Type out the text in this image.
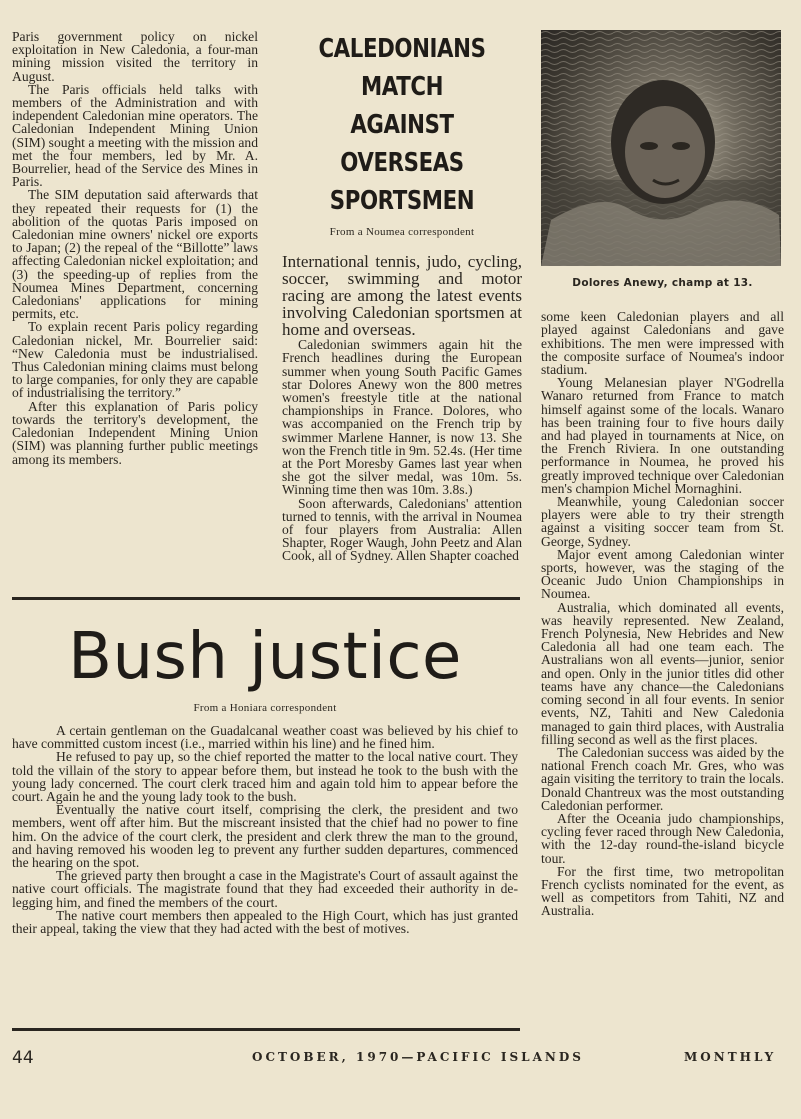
Paris government policy on nickel exploitation in New Caledonia, a four-man mining mission visited the territory in August.

The Paris officials held talks with members of the Administration and with independent Caledonian mine operators. The Caledonian Independent Mining Union (SIM) sought a meeting with the mission and met the four members, led by Mr. A. Bourrelier, head of the Service des Mines in Paris.

The SIM deputation said afterwards that they repeated their requests for (1) the abolition of the quotas Paris imposed on Caledonian mine owners' nickel ore exports to Japan; (2) the repeal of the “Billotte” laws affecting Caledonian nickel exploitation; and (3) the speeding-up of replies from the Noumea Mines Department, concerning Caledonians' applications for mining permits, etc.

To explain recent Paris policy regarding Caledonian nickel, Mr. Bourrelier said: “New Caledonia must be industrialised. Thus Caledonian mining claims must belong to large companies, for only they are capable of industrialising the territory.”

After this explanation of Paris policy towards the territory's development, the Caledonian Independent Mining Union (SIM) was planning further public meetings among its members.

CALEDONIANS MATCH
AGAINST OVERSEAS
SPORTSMEN
From a Noumea correspondent

International tennis, judo, cycling, soccer, swimming and motor racing are among the latest events involving Caledonian sportsmen at home and overseas.

Caledonian swimmers again hit the French headlines during the European summer when young South Pacific Games star Dolores Anewy won the 800 metres women's freestyle title at the national championships in France. Dolores, who was accompanied on the French trip by swimmer Marlene Hanner, is now 13. She won the French title in 9m. 52.4s. (Her time at the Port Moresby Games last year when she got the silver medal, was 10m. 5s. Winning time then was 10m. 3.8s.)

Soon afterwards, Caledonians' attention turned to tennis, with the arrival in Noumea of four players from Australia: Allen Shapter, Roger Waugh, John Peetz and Alan Cook, all of Sydney. Allen Shapter coached

Dolores Anewy, champ at 13.

some keen Caledonian players and all played against Caledonians and gave exhibitions. The men were impressed with the composite surface of Noumea's indoor stadium.

Young Melanesian player N'Godrella Wanaro returned from France to match himself against some of the locals. Wanaro has been training four to five hours daily and had played in tournaments at Nice, on the French Riviera. In one outstanding performance in Noumea, he proved his greatly improved technique over Caledonian men's champion Michel Mornaghini.

Meanwhile, young Caledonian soccer players were able to try their strength against a visiting soccer team from St. George, Sydney.

Major event among Caledonian winter sports, however, was the staging of the Oceanic Judo Union Championships in Noumea.

Australia, which dominated all events, was heavily represented. New Zealand, French Polynesia, New Hebrides and New Caledonia all had one team each. The Australians won all events—junior, senior and open. Only in the junior titles did other teams have any chance—the Caledonians coming second in all four events. In senior events, NZ, Tahiti and New Caledonia managed to gain third places, with Australia filling second as well as the first places.

The Caledonian success was aided by the national French coach Mr. Gres, who was again visiting the territory to train the locals. Donald Chantreux was the most outstanding Caledonian performer.

After the Oceania judo championships, cycling fever raced through New Caledonia, with the 12-day round-the-island bicycle tour.

For the first time, two metropolitan French cyclists nominated for the event, as well as competitors from Tahiti, NZ and Australia.

Bush justice
From a Honiara correspondent

A certain gentleman on the Guadalcanal weather coast was believed by his chief to have committed custom incest (i.e., married within his line) and he fined him.

He refused to pay up, so the chief reported the matter to the local native court. They told the villain of the story to appear before them, but instead he took to the bush with the young lady concerned. The court clerk traced him and again told him to appear before the court. Again he and the young lady took to the bush.

Eventually the native court itself, comprising the clerk, the president and two members, went off after him. But the miscreant insisted that the chief had no power to fine him. On the advice of the court clerk, the president and clerk threw the man to the ground, and having removed his wooden leg to prevent any further sudden departures, commenced the hearing on the spot.

The grieved party then brought a case in the Magistrate's Court of assault against the native court officials. The magistrate found that they had exceeded their authority in de-legging him, and fined the members of the court.

The native court members then appealed to the High Court, which has just granted their appeal, taking the view that they had acted with the best of motives.

44	OCTOBER, 1970—PACIFIC ISLANDS	MONTHLY
